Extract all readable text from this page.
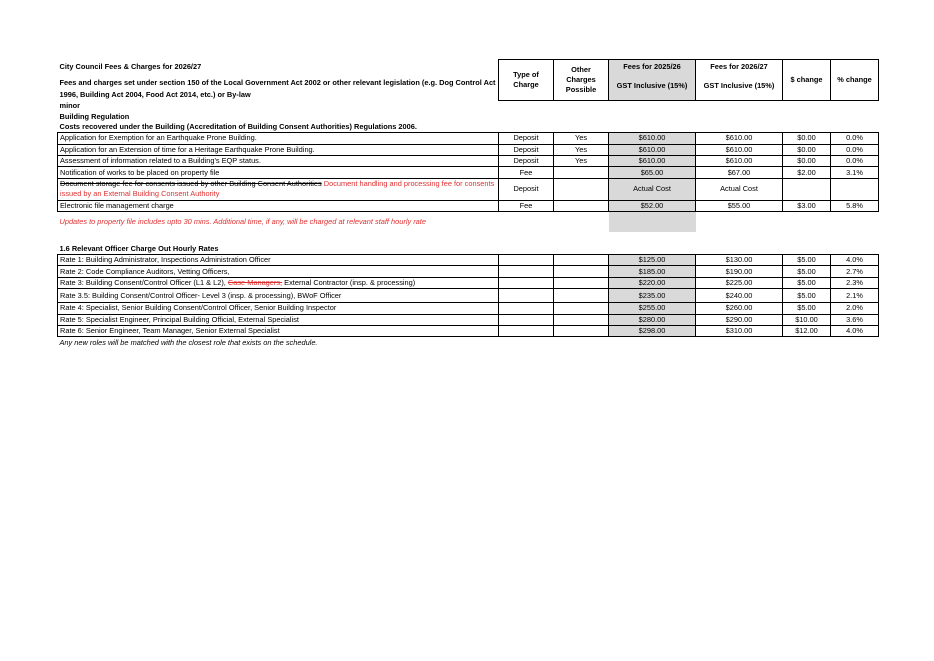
City Council Fees & Charges for 2026/27	Type of Charge	Other Charges Possible	Fees for 2025/26	Fees for 2026/27	$ change	% change
Fees and charges set under section 150 of the Local Government Act 2002 or other relevant legislation (e.g. Dog Control Act 1996, Building Act 2004, Food Act 2014, etc.) or By-law						
			GST Inclusive (15%)	GST Inclusive (15%)		
minor						
Building Regulation						
Costs recovered under the Building (Accreditation of Building Consent Authorities) Regulations 2006.						
Application for Exemption for an Earthquake Prone Building.	Deposit	Yes	$610.00	$610.00	$0.00	0.0%
Application for an Extension of time for a Heritage Earthquake Prone Building.	Deposit	Yes	$610.00	$610.00	$0.00	0.0%
Assessment of information related to a Building's EQP status.	Deposit	Yes	$610.00	$610.00	$0.00	0.0%
Notification of works to be placed on property file	Fee		$65.00	$67.00	$2.00	3.1%
Document storage fee for consents issued by other Building Consent Authorities Document handling and processing fee for consents issued by an External Building Consent Authority	Deposit		Actual Cost	Actual Cost		
Electronic file management charge	Fee		$52.00	$55.00	$3.00	5.8%
Updates to property file includes upto 30 mins. Additional time, if any, will be charged at relevant staff hourly rate						

1.6 Relevant Officer Charge Out Hourly Rates						
Rate 1: Building Administrator, Inspections Administration Officer			$125.00	$130.00	$5.00	4.0%
Rate 2: Code Compliance Auditors, Vetting Officers,			$185.00	$190.00	$5.00	2.7%
Rate 3: Building Consent/Control Officer (L1 & L2), Case Managers, External Contractor (insp. & processing)			$220.00	$225.00	$5.00	2.3%
Rate 3.5: Building Consent/Control Officer- Level 3 (insp. & processing), BWoF Officer			$235.00	$240.00	$5.00	2.1%
Rate 4: Specialist, Senior Building Consent/Control Officer, Senior Building Inspector			$255.00	$260.00	$5.00	2.0%
Rate 5: Specialist Engineer, Principal Building Official, External Specialist			$280.00	$290.00	$10.00	3.6%
Rate 6: Senior Engineer, Team Manager, Senior External Specialist			$298.00	$310.00	$12.00	4.0%
Any new roles will be matched with the closest role that exists on the schedule.						
